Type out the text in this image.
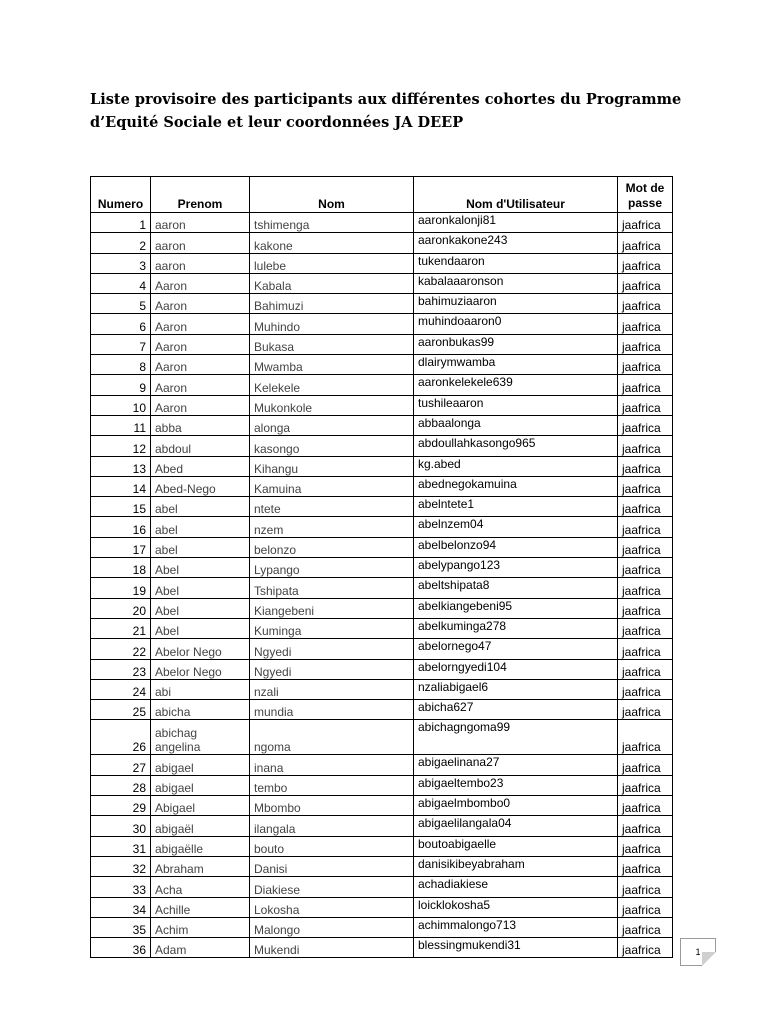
Liste provisoire des participants aux différentes cohortes du Programme
d’Equité Sociale et leur coordonnées JA DEEP
Numero	Prenom	Nom	Nom d'Utilisateur	Mot de passe
1	aaron	tshimenga	aaronkalonji81	jaafrica
2	aaron	kakone	aaronkakone243	jaafrica
3	aaron	lulebe	tukendaaron	jaafrica
4	Aaron	Kabala	kabalaaaronson	jaafrica
5	Aaron	Bahimuzi	bahimuziaaron	jaafrica
6	Aaron	Muhindo	muhindoaaron0	jaafrica
7	Aaron	Bukasa	aaronbukas99	jaafrica
8	Aaron	Mwamba	dlairymwamba	jaafrica
9	Aaron	Kelekele	aaronkelekele639	jaafrica
10	Aaron	Mukonkole	tushileaaron	jaafrica
11	abba	alonga	abbaalonga	jaafrica
12	abdoul	kasongo	abdoullahkasongo965	jaafrica
13	Abed	Kihangu	kg.abed	jaafrica
14	Abed-Nego	Kamuina	abednegokamuina	jaafrica
15	abel	ntete	abelntete1	jaafrica
16	abel	nzem	abelnzem04	jaafrica
17	abel	belonzo	abelbelonzo94	jaafrica
18	Abel	Lypango	abelypango123	jaafrica
19	Abel	Tshipata	abeltshipata8	jaafrica
20	Abel	Kiangebeni	abelkiangebeni95	jaafrica
21	Abel	Kuminga	abelkuminga278	jaafrica
22	Abelor Nego	Ngyedi	abelornego47	jaafrica
23	Abelor Nego	Ngyedi	abelorngyedi104	jaafrica
24	abi	nzali	nzaliabigael6	jaafrica
25	abicha	mundia	abicha627	jaafrica
26	abichag angelina	ngoma	abichagngoma99	jaafrica
27	abigael	inana	abigaelinana27	jaafrica
28	abigael	tembo	abigaeltembo23	jaafrica
29	Abigael	Mbombo	abigaelmbombo0	jaafrica
30	abigaël	ilangala	abigaelilangala04	jaafrica
31	abigaëlle	bouto	boutoabigaelle	jaafrica
32	Abraham	Danisi	danisikibeyabraham	jaafrica
33	Acha	Diakiese	achadiakiese	jaafrica
34	Achille	Lokosha	loicklokosha5	jaafrica
35	Achim	Malongo	achimmalongo713	jaafrica
36	Adam	Mukendi	blessingmukendi31	jaafrica	1
